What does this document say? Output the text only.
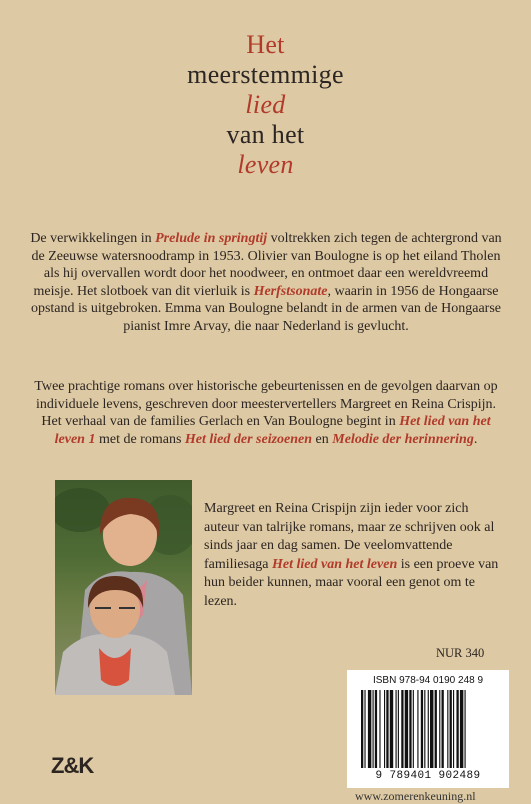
Het
meerstemmige
lied
van het
leven

De verwikkelingen in Prelude in springtij voltrekken zich tegen de achtergrond van de Zeeuwse watersnoodramp in 1953. Olivier van Boulogne is op het eiland Tholen als hij overvallen wordt door het noodweer, en ontmoet daar een wereldvreemd meisje. Het slotboek van dit vierluik is Herfstsonate, waarin in 1956 de Hongaarse opstand is uitgebroken. Emma van Boulogne belandt in de armen van de Hongaarse pianist Imre Arvay, die naar Nederland is gevlucht.

Twee prachtige romans over historische gebeurtenissen en de gevolgen daarvan op individuele levens, geschreven door meestervertellers Margreet en Reina Crispijn. Het verhaal van de families Gerlach en Van Boulogne begint in Het lied van het leven 1 met de romans Het lied der seizoenen en Melodie der herinnering.

Margreet en Reina Crispijn zijn ieder voor zich auteur van talrijke romans, maar ze schrijven ook al sinds jaar en dag samen. De veelomvattende familiesaga Het lied van het leven is een proeve van hun beider kunnen, maar vooral een genot om te lezen.

NUR 340
ISBN 978-94 0190 248 9
9 789401 902489
Z&K
www.zomerenkeuning.nl
